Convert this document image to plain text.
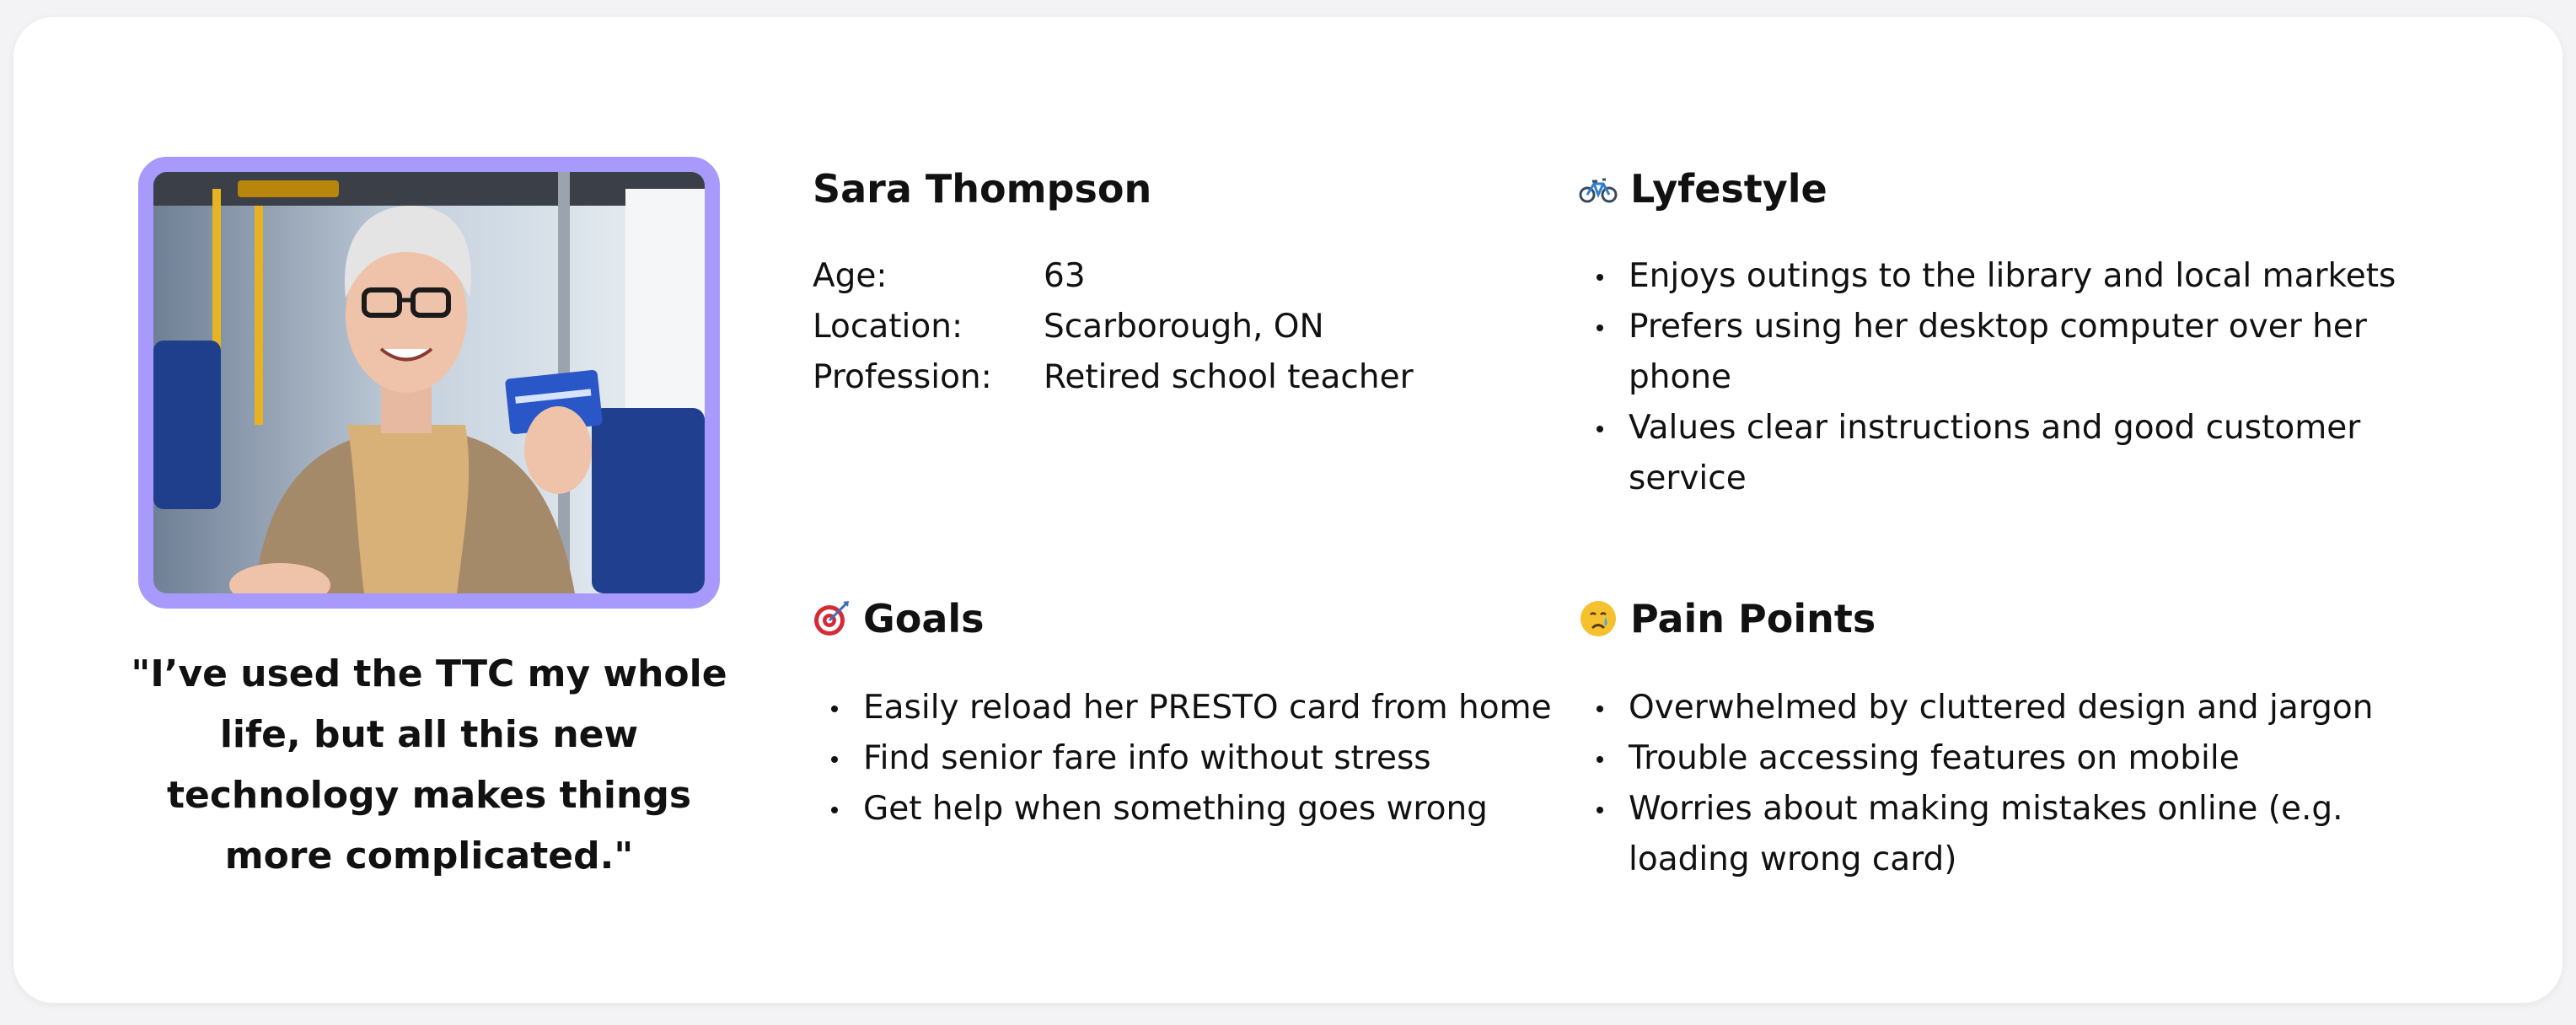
"I’ve used the TTC my whole life, but all this new technology makes things more complicated."

Sara Thompson
Age:	63
Location:	Scarborough, ON
Profession:	Retired school teacher
Lyfestyle
Enjoys outings to the library and local markets
Prefers using her desktop computer over her phone
Values clear instructions and good customer service
Goals
Easily reload her PRESTO card from home
Find senior fare info without stress
Get help when something goes wrong
Pain Points
Overwhelmed by cluttered design and jargon
Trouble accessing features on mobile
Worries about making mistakes online (e.g. loading wrong card)
